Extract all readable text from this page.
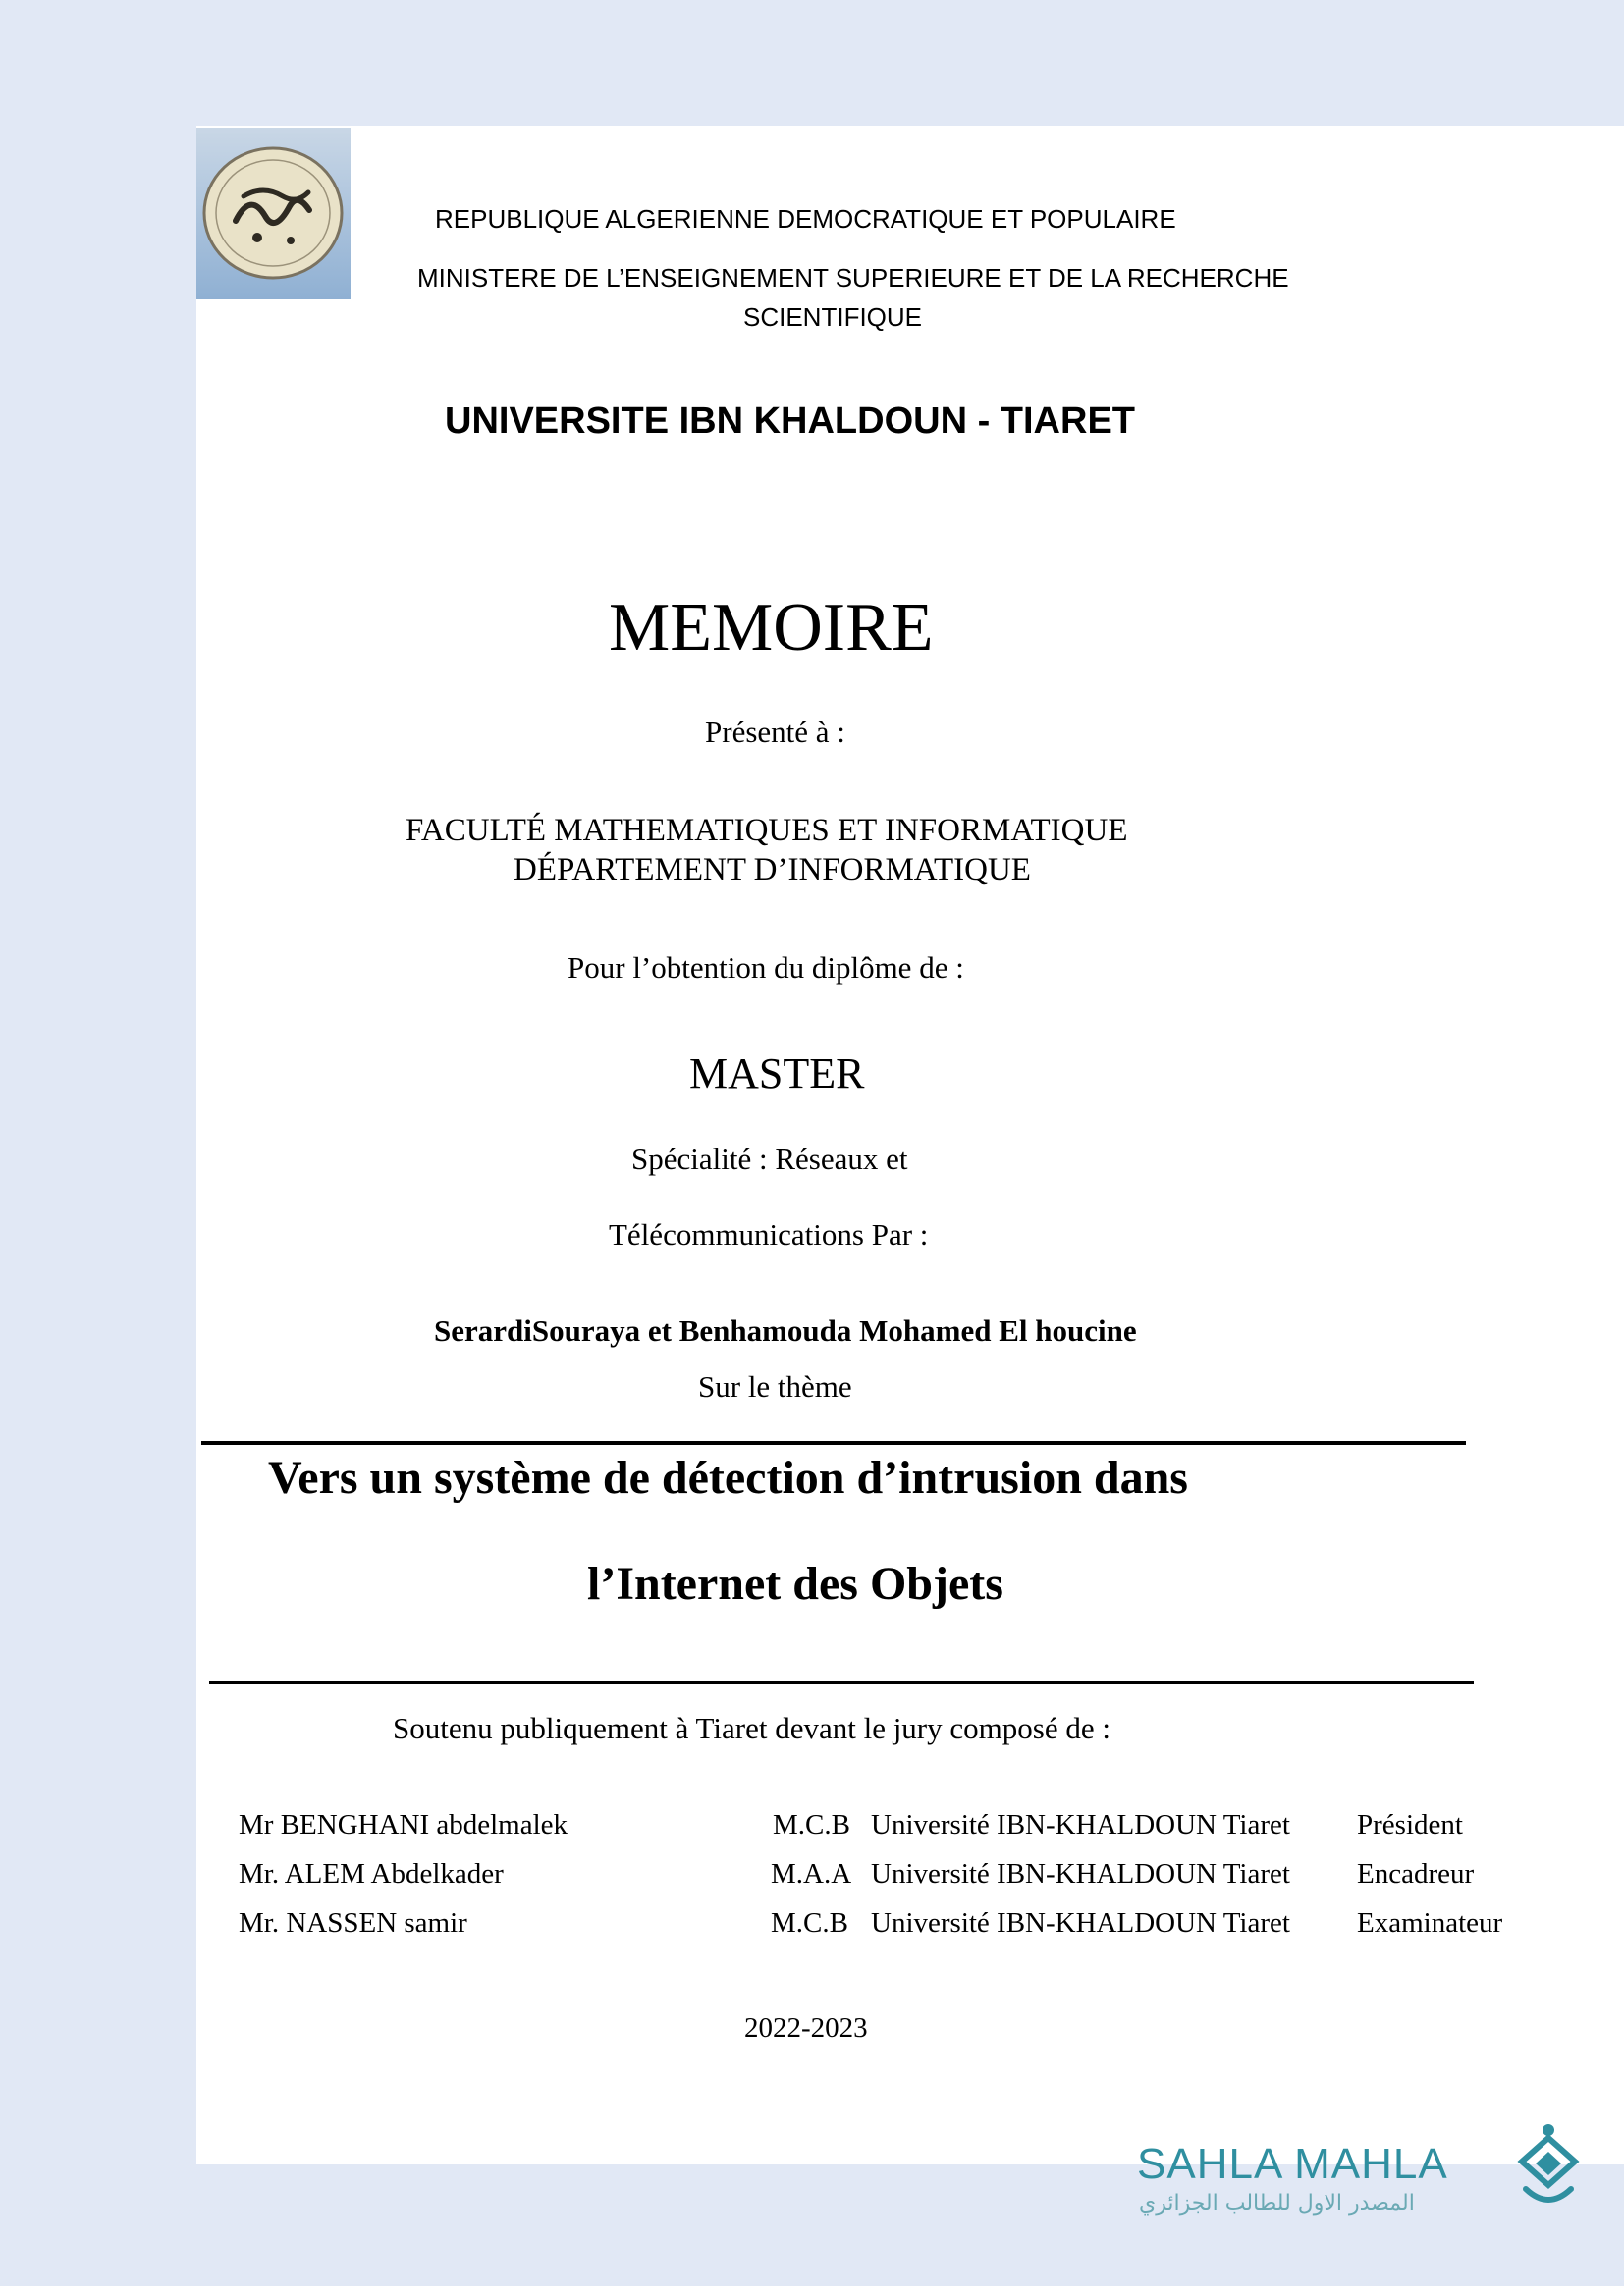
REPUBLIQUE ALGERIENNE DEMOCRATIQUE ET POPULAIRE
MINISTERE DE L’ENSEIGNEMENT SUPERIEURE ET DE LA RECHERCHE
SCIENTIFIQUE
UNIVERSITE IBN KHALDOUN - TIARET
MEMOIRE
Présenté à :
FACULTÉ MATHEMATIQUES ET INFORMATIQUE
DÉPARTEMENT D’INFORMATIQUE
Pour l’obtention du diplôme de :
MASTER
Spécialité : Réseaux et
Télécommunications Par :
SerardiSouraya et Benhamouda Mohamed El houcine
Sur le thème
Vers un système de détection d’intrusion dans
l’Internet des Objets
Soutenu publiquement à Tiaret devant le jury composé de :
Mr BENGHANI abdelmalek	M.C.B Université IBN-KHALDOUN Tiaret Président
Mr. ALEM Abdelkader	M.A.A Université IBN-KHALDOUN Tiaret Encadreur
Mr. NASSEN samir	M.C.B Université IBN-KHALDOUN Tiaret Examinateur
2022-2023
SAHLA MAHLA
المصدر الاول للطالب الجزائري
